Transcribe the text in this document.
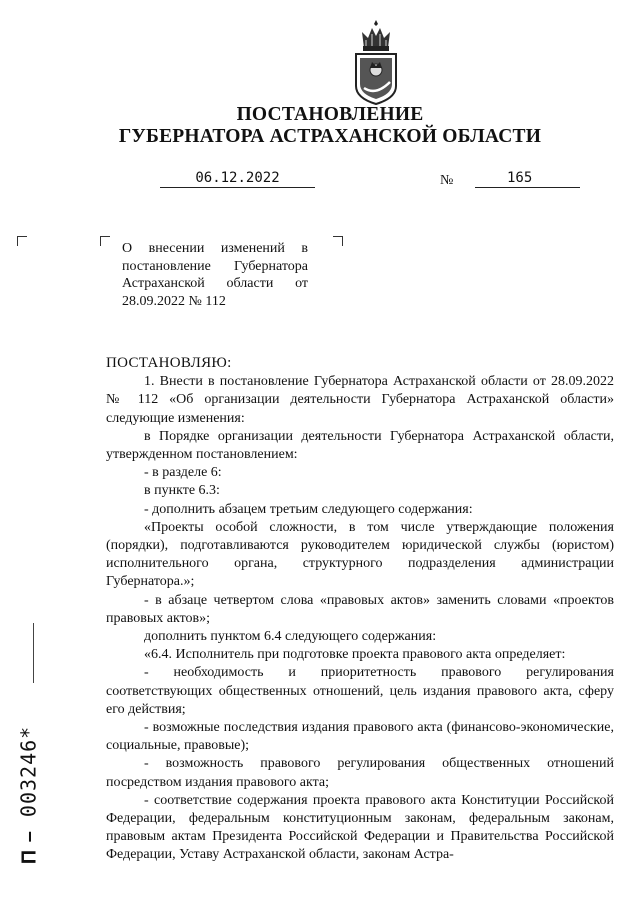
ПОСТАНОВЛЕНИЕ
ГУБЕРНАТОРА АСТРАХАНСКОЙ ОБЛАСТИ
06.12.2022	№	165
О внесении изменений в постановление Губернатора Астраханской области от 28.09.2022 № 112

ПОСТАНОВЛЯЮ:

1. Внести в постановление Губернатора Астраханской области от 28.09.2022 № 112 «Об организации деятельности Губернатора Астраханской области» следующие изменения:

в Порядке организации деятельности Губернатора Астраханской области, утвержденном постановлением:

- в разделе 6:

в пункте 6.3:

- дополнить абзацем третьим следующего содержания:

«Проекты особой сложности, в том числе утверждающие положения (порядки), подготавливаются руководителем юридической службы (юристом) исполнительного органа, структурного подразделения администрации Губернатора.»;

- в абзаце четвертом слова «правовых актов» заменить словами «проектов правовых актов»;

дополнить пунктом 6.4 следующего содержания:

«6.4. Исполнитель при подготовке проекта правового акта определяет:

- необходимость и приоритетность правового регулирования соответствующих общественных отношений, цель издания правового акта, сферу его действия;

- возможные последствия издания правового акта (финансово-экономические, социальные, правовые);

- возможность правового регулирования общественных отношений посредством издания правового акта;

- соответствие содержания проекта правового акта Конституции Российской Федерации, федеральным конституционным законам, федеральным законам, правовым актам Президента Российской Федерации и Правительства Российской Федерации, Уставу Астраханской области, законам Астра-

П – 003246*
